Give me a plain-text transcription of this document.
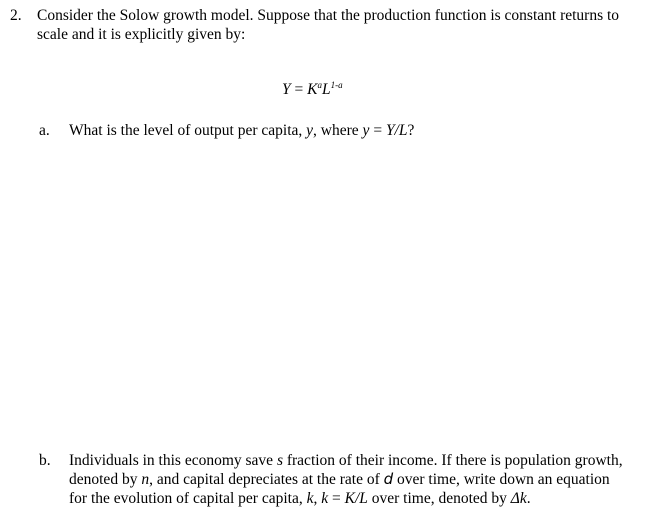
2. Consider the Solow growth model. Suppose that the production function is constant returns to scale and it is explicitly given by:
$Y = K^aL^{1-a}$
a. What is the level of output per capita, y, where y = Y/L?
b. Individuals in this economy save s fraction of their income. If there is population growth, denoted by n, and capital depreciates at the rate of d over time, write down an equation for the evolution of capital per capita, k, k = K/L over time, denoted by Δk.
